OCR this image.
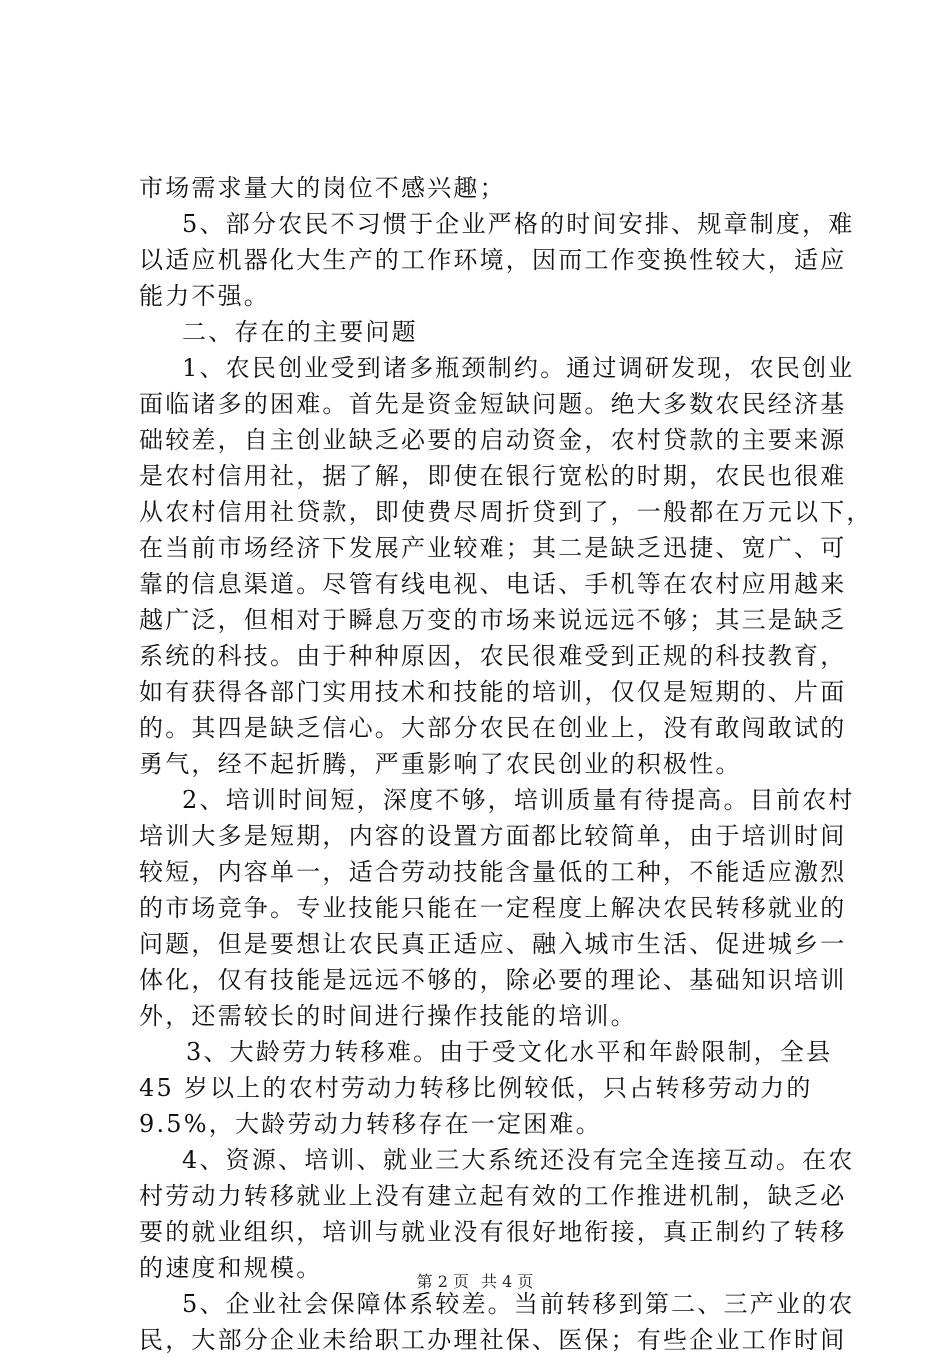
市场需求量大的岗位不感兴趣；
5、部分农民不习惯于企业严格的时间安排、规章制度，难
以适应机器化大生产的工作环境，因而工作变换性较大，适应
能力不强。
二、存在的主要问题
1、农民创业受到诸多瓶颈制约。通过调研发现，农民创业
面临诸多的困难。首先是资金短缺问题。绝大多数农民经济基
础较差，自主创业缺乏必要的启动资金，农村贷款的主要来源
是农村信用社，据了解，即使在银行宽松的时期，农民也很难
从农村信用社贷款，即使费尽周折贷到了，一般都在万元以下，
在当前市场经济下发展产业较难；其二是缺乏迅捷、宽广、可
靠的信息渠道。尽管有线电视、电话、手机等在农村应用越来
越广泛，但相对于瞬息万变的市场来说远远不够；其三是缺乏
系统的科技。由于种种原因，农民很难受到正规的科技教育，
如有获得各部门实用技术和技能的培训，仅仅是短期的、片面
的。其四是缺乏信心。大部分农民在创业上，没有敢闯敢试的
勇气，经不起折腾，严重影响了农民创业的积极性。
2、培训时间短，深度不够，培训质量有待提高。目前农村
培训大多是短期，内容的设置方面都比较简单，由于培训时间
较短，内容单一，适合劳动技能含量低的工种，不能适应激烈
的市场竞争。专业技能只能在一定程度上解决农民转移就业的
问题，但是要想让农民真正适应、融入城市生活、促进城乡一
体化，仅有技能是远远不够的，除必要的理论、基础知识培训
外，还需较长的时间进行操作技能的培训。
3、大龄劳力转移难。由于受文化水平和年龄限制，全县
45 岁以上的农村劳动力转移比例较低，只占转移劳动力的
9.5%，大龄劳动力转移存在一定困难。
4、资源、培训、就业三大系统还没有完全连接互动。在农
村劳动力转移就业上没有建立起有效的工作推进机制，缺乏必
要的就业组织，培训与就业没有很好地衔接，真正制约了转移
的速度和规模。
5、企业社会保障体系较差。当前转移到第二、三产业的农
民，大部分企业未给职工办理社保、医保；有些企业工作时间
第 2 页 共 4 页
